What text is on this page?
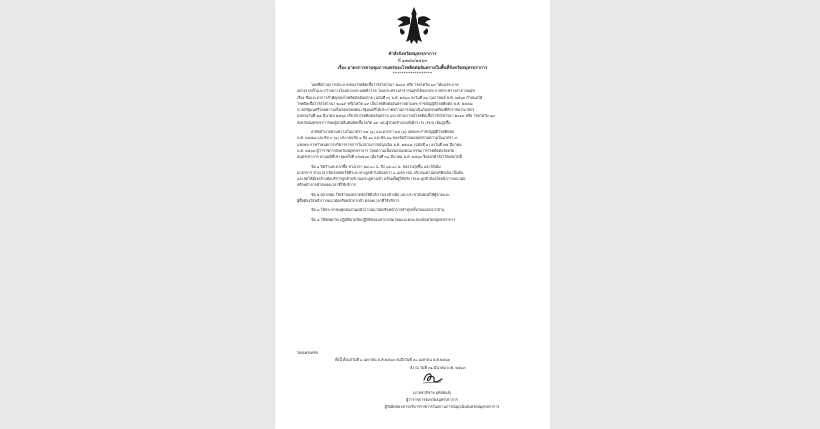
คำสั่งจังหวัดสมุทรปราการ
ที่ ๑๗๔๒/๒๕๖๓
เรื่อง มาตรการควบคุมการแพร่ของโรคติดต่ออันตรายในพื้นที่จังหวัดสมุทรปราการ
******************

โดยที่สถานการณ์ระบาดของโรคติดเชื้อไวรัสโคโรนา ๒๐๑๙ หรือ โรคโควิด ๑๙ ได้แพร่ระบาด
อย่างรวดเร็วและกว้างขวางในหลายประเทศทั่วโลก โดยกระทรวงสาธารณสุขได้ออกประกาศกระทรวงสาธารณสุข
เรื่อง ชื่อและอาการสำคัญของโรคติดต่ออันตราย (ฉบับที่ ๓) พ.ศ. ๒๕๖๓ ลงวันที่ ๒๖ กุมภาพันธ์ พ.ศ. ๒๕๖๓ กำหนดให้
โรคติดเชื้อไวรัสโคโรนา ๒๐๑๙ หรือโควิด ๑๙ เป็นโรคติดต่ออันตรายตามพระราชบัญญัติโรคติดต่อ พ.ศ. ๒๕๕๘
นายกรัฐมนตรีโดยความเห็นชอบของคณะรัฐมนตรีได้ประกาศสถานการณ์ฉุกเฉินในทุกเขตท้องที่ทั่วราชอาณาจักร
ฉบับลงวันที่ ๒๕ มีนาคม ๒๕๖๓ เกี่ยวกับโรคติดต่ออันตราย และสถานการณ์โรคติดเชื้อไวรัสโคโรนา ๒๐๑๙ หรือ โรคโควิด ๑๙
จังหวัดสมุทรปราการพบผู้ป่วยยืนยันติดเชื้อโควิด ๑๙ และผู้ป่วยเข้าเกณฑ์เฝ้าระวัง (PUI) เพิ่มสูงขึ้น

อาศัยอำนาจตามความในมาตรา ๓๔ (๑) และมาตรา ๓๕ (๑) แห่งพระราชบัญญัติโรคติดต่อ
พ.ศ. ๒๕๕๘ และข้อ ๙ (๑) ประกอบข้อ ๑ ข้อ ๑๐ และข้อ ๑๑ ของข้อกำหนดออกตามความในมาตรา ๙
แห่งพระราชกำหนดการบริหารราชการในสถานการณ์ฉุกเฉิน พ.ศ. ๒๕๔๘ (ฉบับที่ ๑) ลงวันที่ ๒๕ มีนาคม
พ.ศ. ๒๕๖๓ ผู้ว่าราชการจังหวัดสมุทรปราการ โดยความเห็นชอบของคณะกรรมการโรคติดต่อจังหวัด
สมุทรปราการ ตามมติที่ประชุมครั้งที่ ๙/๒๕๖๓ เมื่อวันที่ ๓๑ มีนาคม พ.ศ. ๒๕๖๓ จึงออกคำสั่งไว้ดังต่อไปนี้

ข้อ ๑ ปิดร้านสะดวกซื้อ ช่วงเวลา ๒๔.๐๐ น. ถึง ๐๕.๐๐ น. ของวันรุ่งขึ้น และให้เพิ่ม
มาตรการ ช่วงเวลาเปิดโดยจัดให้มีระยะห่างลูกค้าไม่น้อยกว่า ๑ เมตร เช่น บริเวณเคาน์เตอร์คิดเงิน เป็นต้น
และจัดให้มีเจลล้างมือบริการลูกค้าบริเวณประตูทางเข้า พร้อมทั้งผู้ให้บริการและลูกค้าต้องใส่หน้ากากอนามัย
หรือหน้ากากผ้าตลอดเวลาที่ใช้บริการ

ข้อ ๒ ตลาดนัด ให้เจ้าของตลาดจัดให้มีบริการเจลล้างมือ และประชาสัมพันธ์ให้ผู้ขายและ
ผู้ซื้อต้องใส่หน้ากากอนามัยหรือหน้ากากผ้า ตลอดเวลาที่ใช้บริการ

ข้อ ๓ ให้ประชาชนทุกคนสวมหน้ากากอนามัยหรือหน้ากากผ้าทุกครั้งก่อนออกจากบ้าน

ข้อ ๔ ให้จัดทุกวัด ปฏิบัติตามข้อปฏิบัติของมหาเถรสมาคมและคณะสงฆ์จังหวัดสมุทรปราการ

โดยเคร่งครัด
ทั้งนี้ ตั้งแต่วันที่ ๑ เมษายน พ.ศ.๒๕๖๓ จนถึงวันที่ ๓๐ เมษายน พ.ศ.๒๕๖๓
สั่ง ณ วันที่ ๓๑ มีนาคม พ.ศ. ๒๕๖๓
(นายชาติชาย อุทัยพันธ์)
ผู้ว่าราชการจังหวัดสมุทรปราการ
ผู้รับผิดชอบการบริหารราชการในสถานการณ์ฉุกเฉินจังหวัดสมุทรปราการ
